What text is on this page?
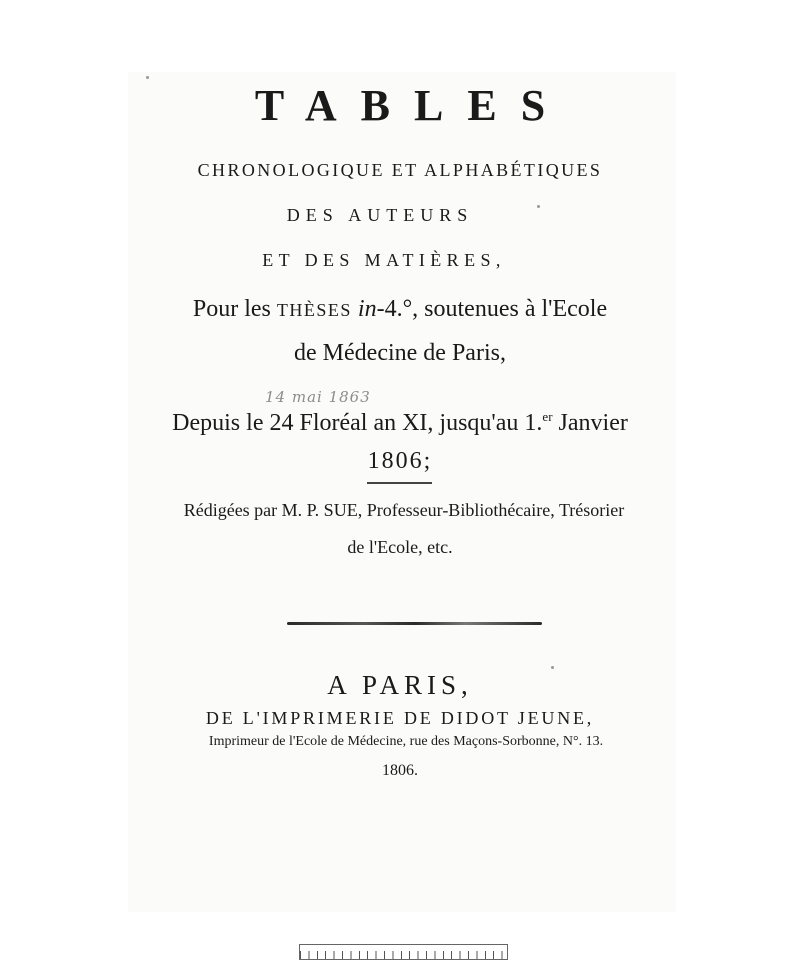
TABLES
CHRONOLOGIQUE ET ALPHABÉTIQUES
DES AUTEURS
ET DES MATIÈRES,
Pour les THÈSES in-4.°, soutenues à l'Ecole
de Médecine de Paris,
14 mai 1863
Depuis le 24 Floréal an XI, jusqu'au 1.$^{er}$ Janvier
1806;
Rédigées par M. P. SUE, Professeur-Bibliothécaire, Trésorier
de l'Ecole, etc.
A PARIS,
DE L'IMPRIMERIE DE DIDOT JEUNE,
Imprimeur de l'Ecole de Médecine, rue des Maçons-Sorbonne, N°. 13.
1806.
